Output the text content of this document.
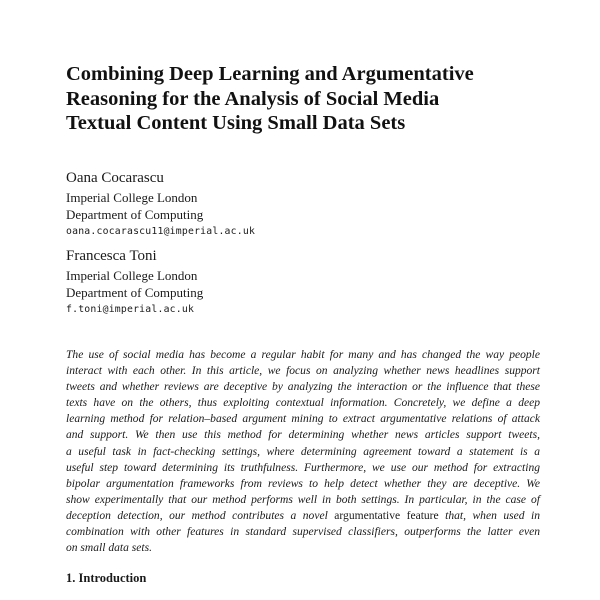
Combining Deep Learning and Argumentative
Reasoning for the Analysis of Social Media
Textual Content Using Small Data Sets
Oana Cocarascu
Imperial College London
Department of Computing
oana.cocarascu11@imperial.ac.uk
Francesca Toni
Imperial College London
Department of Computing
f.toni@imperial.ac.uk
The use of social media has become a regular habit for many and has changed the way people
interact with each other. In this article, we focus on analyzing whether news headlines support
tweets and whether reviews are deceptive by analyzing the interaction or the influence that these
texts have on the others, thus exploiting contextual information. Concretely, we define a deep
learning method for relation–based argument mining to extract argumentative relations of attack
and support. We then use this method for determining whether news articles support tweets,
a useful task in fact-checking settings, where determining agreement toward a statement is a
useful step toward determining its truthfulness. Furthermore, we use our method for extracting
bipolar argumentation frameworks from reviews to help detect whether they are deceptive. We
show experimentally that our method performs well in both settings. In particular, in the case of
deception detection, our method contributes a novel argumentative feature that, when used in
combination with other features in standard supervised classifiers, outperforms the latter even
on small data sets.
1. Introduction
